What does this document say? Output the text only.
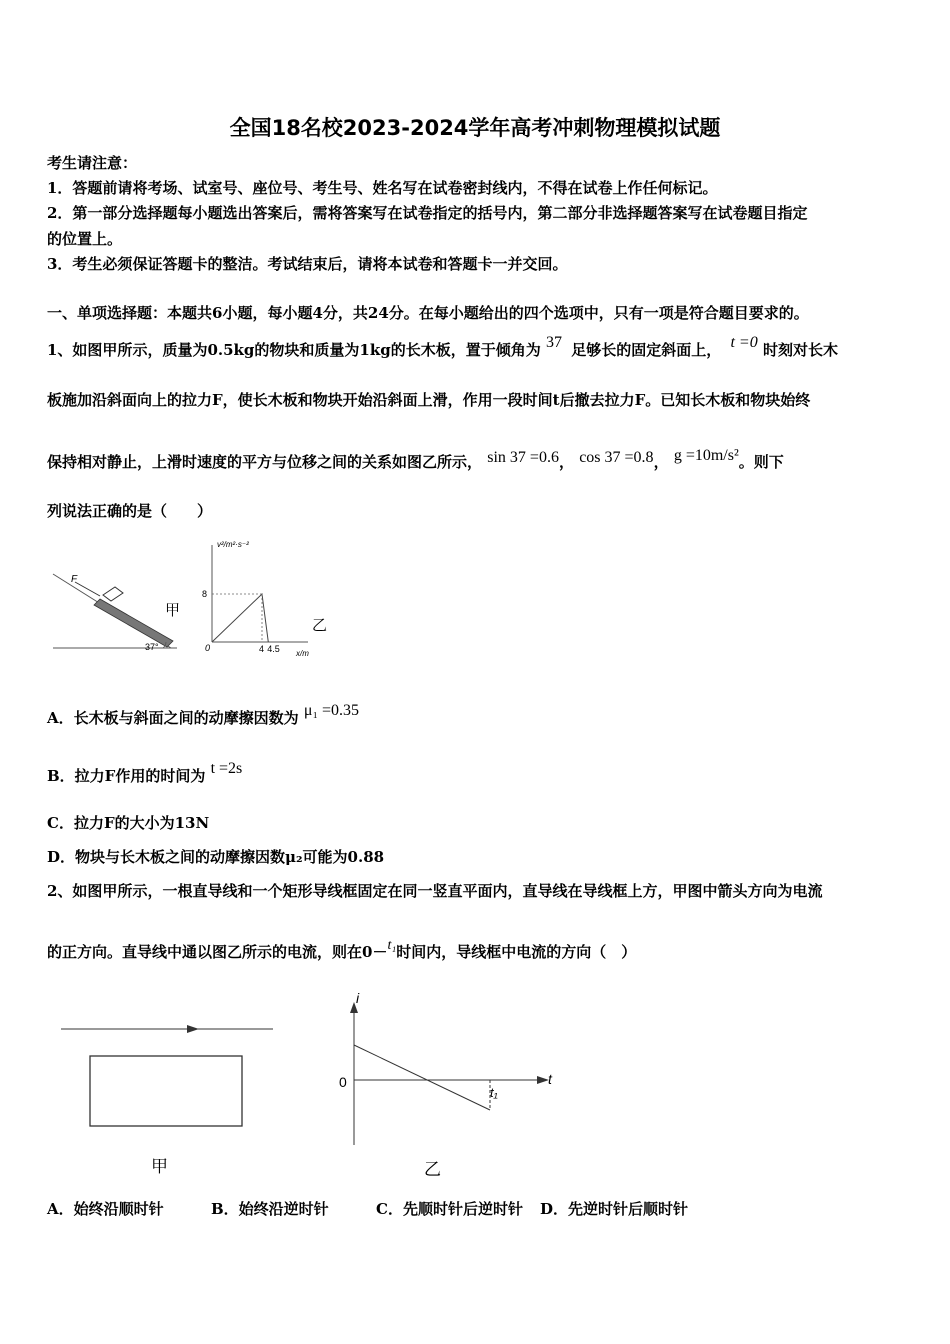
全国18名校2023-2024学年高考冲刺物理模拟试题
考生请注意：
1．答题前请将考场、试室号、座位号、考生号、姓名写在试卷密封线内，不得在试卷上作任何标记。
2．第一部分选择题每小题选出答案后，需将答案写在试卷指定的括号内，第二部分非选择题答案写在试卷题目指定
的位置上。
3．考生必须保证答题卡的整洁。考试结束后，请将本试卷和答题卡一并交回。
一、单项选择题：本题共6小题，每小题4分，共24分。在每小题给出的四个选项中，只有一项是符合题目要求的。
1、如图甲所示，质量为0.5kg的物块和质量为1kg的长木板，置于倾角为 37 足够长的固定斜面上， t =0 时刻对长木
板施加沿斜面向上的拉力F，使长木板和物块开始沿斜面上滑，作用一段时间t后撤去拉力F。已知长木板和物块始终
保持相对静止，上滑时速度的平方与位移之间的关系如图乙所示， sin 37 =0.6， cos 37 =0.8， g =10m/s²。则下
列说法正确的是（　　）
F
37°
甲
v²/m²·s⁻²
x/m
0
8
4 4.5
乙
A．长木板与斜面之间的动摩擦因数为 μ₁ =0.35
B．拉力F作用的时间为 t =2s
C．拉力F的大小为13N
D．物块与长木板之间的动摩擦因数μ₂可能为0.88
2、如图甲所示，一根直导线和一个矩形导线框固定在同一竖直平面内，直导线在导线框上方，甲图中箭头方向为电流
的正方向。直导线中通以图乙所示的电流，则在0－t₁时间内，导线框中电流的方向（　）
甲
i
t
0
t₁
乙
A．始终沿顺时针	B．始终沿逆时针	C．先顺时针后逆时针 D．先逆时针后顺时针
